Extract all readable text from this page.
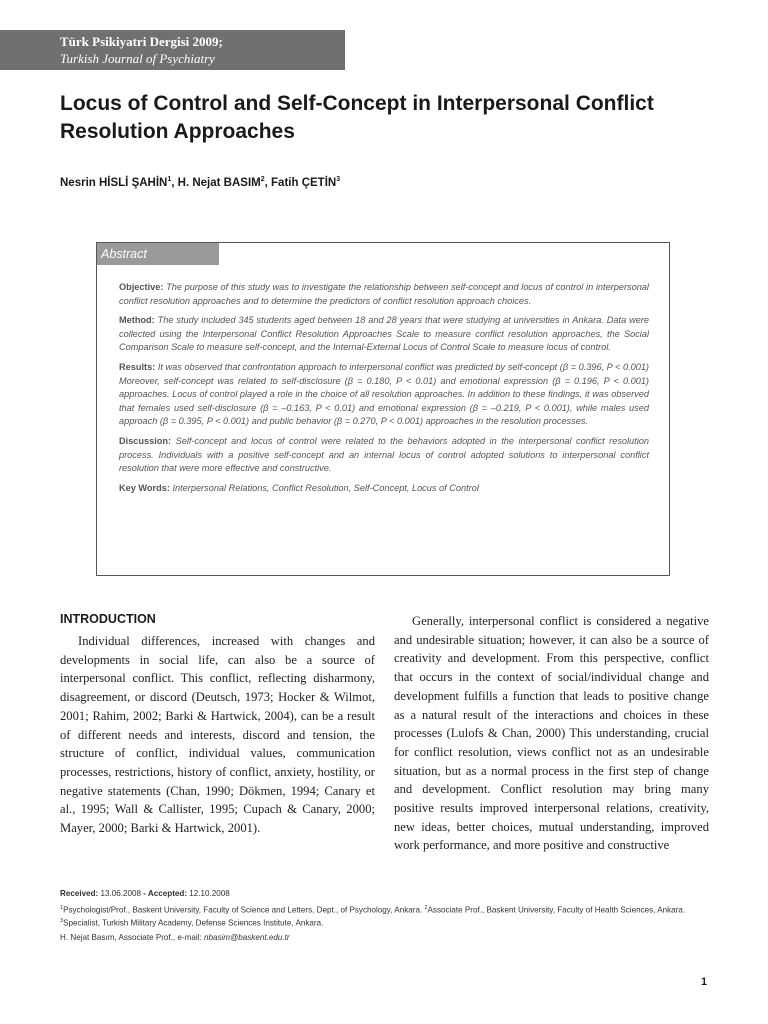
Türk Psikiyatri Dergisi 2009;
Turkish Journal of Psychiatry
Locus of Control and Self-Concept in Interpersonal Conflict Resolution Approaches
Nesrin HİSLİ ŞAHİN$^1$, H. Nejat BASIM$^2$, Fatih ÇETİN$^3$
Abstract

Objective: The purpose of this study was to investigate the relationship between self-concept and locus of control in interpersonal conflict resolution approaches and to determine the predictors of conflict resolution approach choices.

Method: The study included 345 students aged between 18 and 28 years that were studying at universities in Ankara. Data were collected using the Interpersonal Conflict Resolution Approaches Scale to measure conflict resolution approaches, the Social Comparison Scale to measure self-concept, and the Internal-External Locus of Control Scale to measure locus of control.

Results: It was observed that confrontation approach to interpersonal conflict was predicted by self-concept (β = 0.396, P < 0.001) Moreover, self-concept was related to self-disclosure (β = 0.180, P < 0.01) and emotional expression (β = 0.196, P < 0.001) approaches. Locus of control played a role in the choice of all resolution approaches. In addition to these findings, it was observed that females used self-disclosure (β = –0.163, P < 0.01) and emotional expression (β = –0.219, P < 0.001), while males used approach (β = 0.395, P < 0.001) and public behavior (β = 0.270, P < 0.001) approaches in the resolution processes.

Discussion: Self-concept and locus of control were related to the behaviors adopted in the interpersonal conflict resolution process. Individuals with a positive self-concept and an internal locus of control adopted solutions to interpersonal conflict resolution that were more effective and constructive.

Key Words: Interpersonal Relations, Conflict Resolution, Self-Concept, Locus of Control

INTRODUCTION

Individual differences, increased with changes and developments in social life, can also be a source of interpersonal conflict. This conflict, reflecting disharmony, disagreement, or discord (Deutsch, 1973; Hocker & Wilmot, 2001; Rahim, 2002; Barki & Hartwick, 2004), can be a result of different needs and interests, discord and tension, the structure of conflict, individual values, communication processes, restrictions, history of conflict, anxiety, hostility, or negative statements (Chan, 1990; Dökmen, 1994; Canary et al., 1995; Wall & Callister, 1995; Cupach & Canary, 2000; Mayer, 2000; Barki & Hartwick, 2001).

Generally, interpersonal conflict is considered a negative and undesirable situation; however, it can also be a source of creativity and development. From this perspective, conflict that occurs in the context of social/individual change and development fulfills a function that leads to positive change as a natural result of the interactions and choices in these processes (Lulofs & Chan, 2000) This understanding, crucial for conflict resolution, views conflict not as an undesirable situation, but as a normal process in the first step of change and development. Conflict resolution may bring many positive results improved interpersonal relations, creativity, new ideas, better choices, mutual understanding, improved work performance, and more positive and constructive

Received: 13.06.2008 - Accepted: 12.10.2008

$^1$Psychologist/Prof., Baskent University, Faculty of Science and Letters, Dept., of Psychology, Ankara. $^2$Associate Prof., Baskent University, Faculty of Health Sciences, Ankara. $^3$Specialist, Turkish Military Academy, Defense Sciences Institute, Ankara.

H. Nejat Basım, Associate Prof., e-mail: nbasim@baskent.edu.tr

1
